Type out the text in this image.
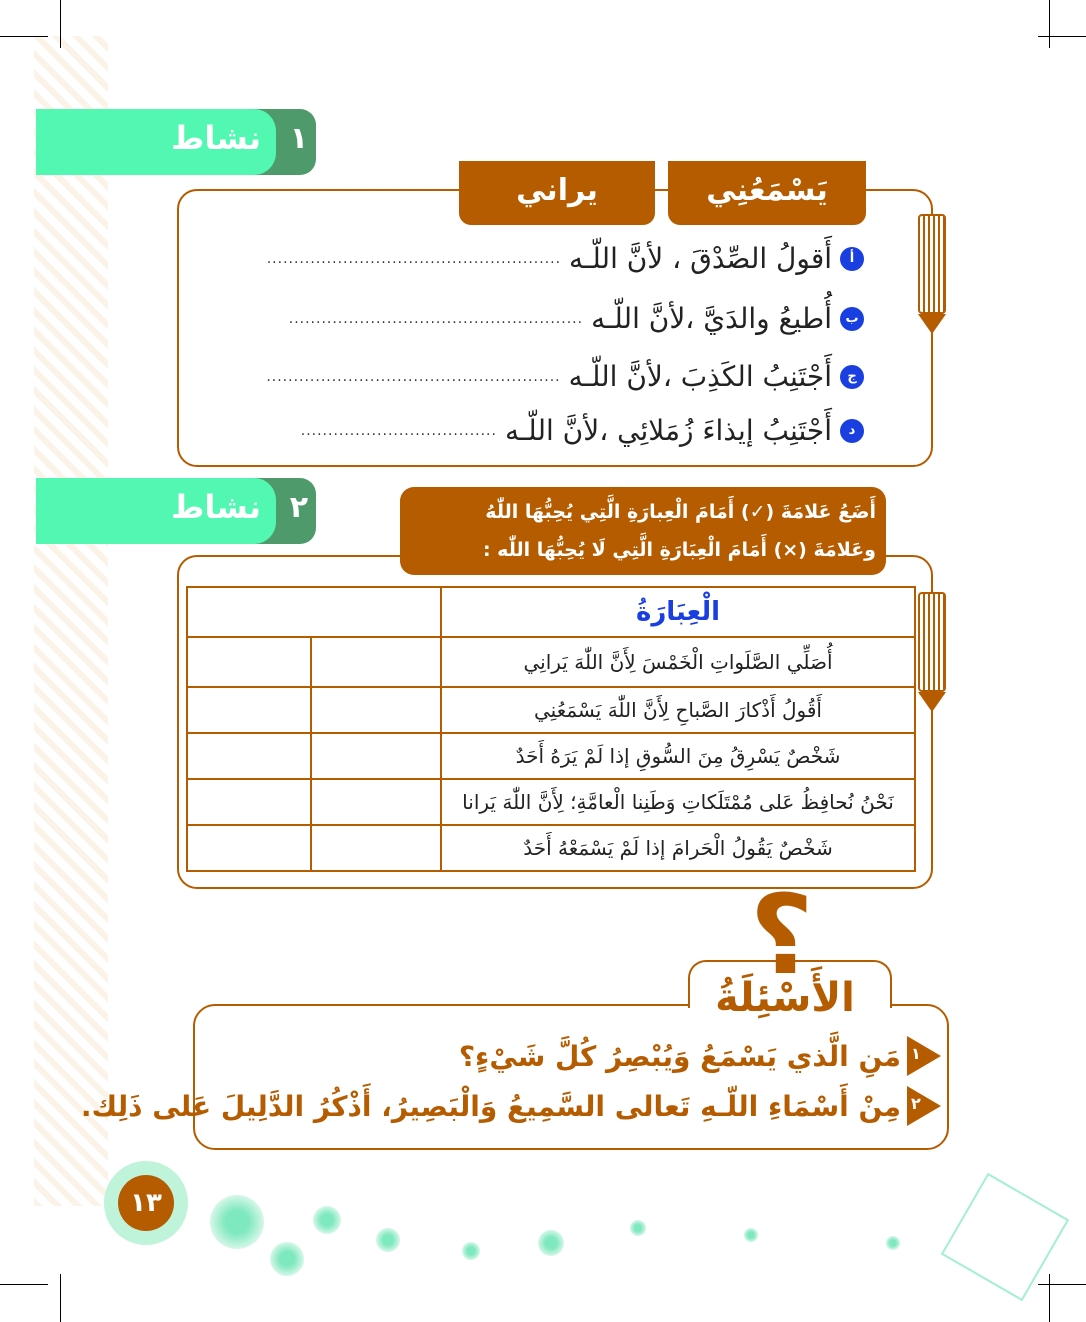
نشاط ١
يَسْمَعُنِي
يراني
أ
أَقولُ الصِّدْقَ ، لأنَّ اللّـه
......................................................
ب
أُطيعُ والدَيَّ ،لأنَّ اللّـه
......................................................
ج
أَجْتَنِبُ الكَذِبَ ،لأنَّ اللّـه
......................................................
د
أَجْتَنِبُ إيذاءَ زُمَلائِي ،لأنَّ اللّـه
....................................
نشاط ٢	أَضَعُ عَلامَةَ (✓) أَمَامَ الْعِبارَةِ الَّتِي يُحِبُّهَا اللّٰهُ
وعَلامَةَ (×) أَمَامَ الْعِبَارَةِ الَّتِي لَا يُحِبُّهَا اللّٰه :
الْعِبَارَةُ		
أُصَلِّي الصَّلَواتِ الْخَمْسَ لِأَنَّ اللّٰهَ يَرانِي		
أَقُولُ أَذْكارَ الصَّباحِ لِأَنَّ اللّٰهَ يَسْمَعُنِي		
شَخْصٌ يَسْرِقُ مِنَ السُّوقِ إذا لَمْ يَرَهُ أَحَدٌ		
نَحْنُ نُحافِظُ عَلى مُمْتَلَكاتِ وَطَنِنا الْعامَّةِ؛ لِأَنَّ اللّٰهَ يَرانا		
شَخْصٌ يَقُولُ الْحَرامَ إذا لَمْ يَسْمَعْهُ أَحَدٌ		
?
الأَسْئِلَةُ
١
مَنِ الَّذي يَسْمَعُ وَيُبْصِرُ كُلَّ شَيْءٍ؟
٢
مِنْ أَسْمَاءِ اللّـهِ تَعالى السَّمِيعُ وَالْبَصِيرُ، أَذْكُرُ الدَّلِيلَ عَلى ذَلِك.
١٣
